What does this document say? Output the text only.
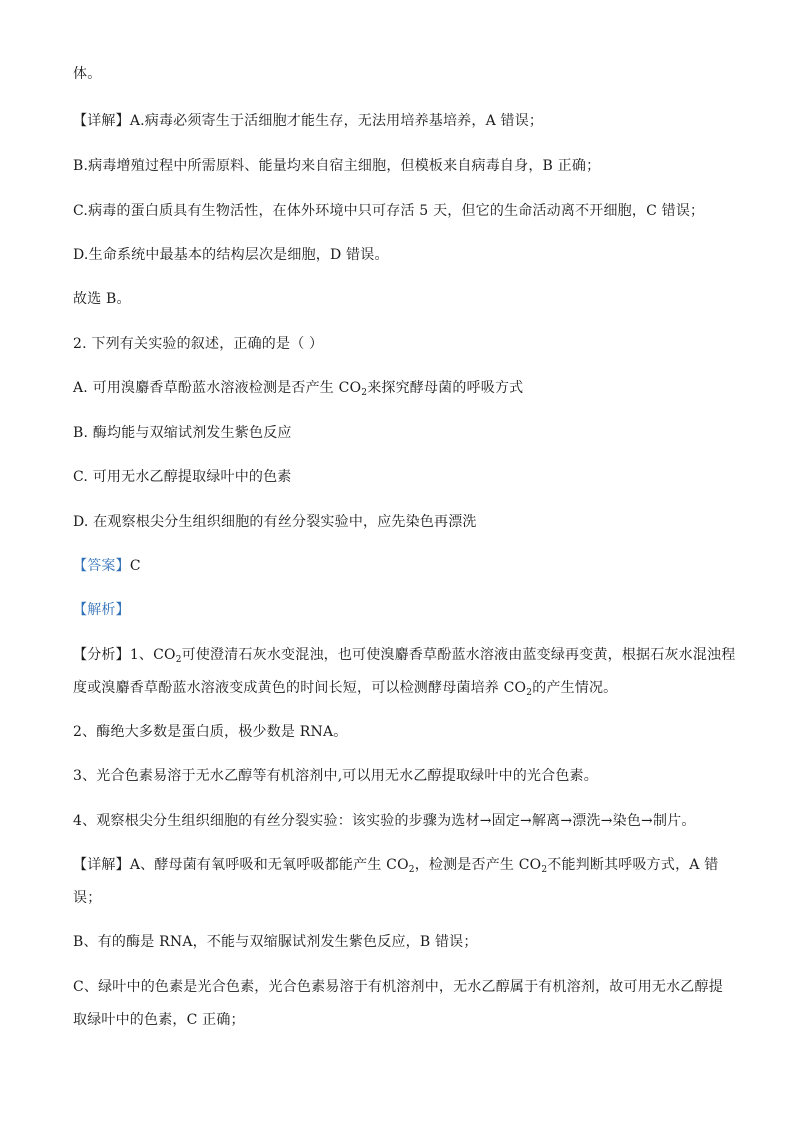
体。
【详解】A.病毒必须寄生于活细胞才能生存，无法用培养基培养，A 错误；
B.病毒增殖过程中所需原料、能量均来自宿主细胞，但模板来自病毒自身，B 正确；
C.病毒的蛋白质具有生物活性，在体外环境中只可存活 5 天，但它的生命活动离不开细胞，C 错误；
D.生命系统中最基本的结构层次是细胞，D 错误。
故选 B。
2. 下列有关实验的叙述，正确的是（ ）
A. 可用溴麝香草酚蓝水溶液检测是否产生 $CO_2$来探究酵母菌的呼吸方式
B. 酶均能与双缩试剂发生紫色反应
C. 可用无水乙醇提取绿叶中的色素
D. 在观察根尖分生组织细胞的有丝分裂实验中，应先染色再漂洗
【答案】C
【解析】
【分析】1、$CO_2$可使澄清石灰水变混浊，也可使溴麝香草酚蓝水溶液由蓝变绿再变黄，根据石灰水混浊程
度或溴麝香草酚蓝水溶液变成黄色的时间长短，可以检测酵母菌培养 $CO_2$的产生情况。
2、酶绝大多数是蛋白质，极少数是 RNA。
3、光合色素易溶于无水乙醇等有机溶剂中,可以用无水乙醇提取绿叶中的光合色素。
4、观察根尖分生组织细胞的有丝分裂实验：该实验的步骤为选材→固定→解离→漂洗→染色→制片。
【详解】A、酵母菌有氧呼吸和无氧呼吸都能产生 $CO_2$，检测是否产生 $CO_2$不能判断其呼吸方式，A 错
误；
B、有的酶是 RNA，不能与双缩脲试剂发生紫色反应，B 错误；
C、绿叶中的色素是光合色素，光合色素易溶于有机溶剂中，无水乙醇属于有机溶剂，故可用无水乙醇提
取绿叶中的色素，C 正确；
